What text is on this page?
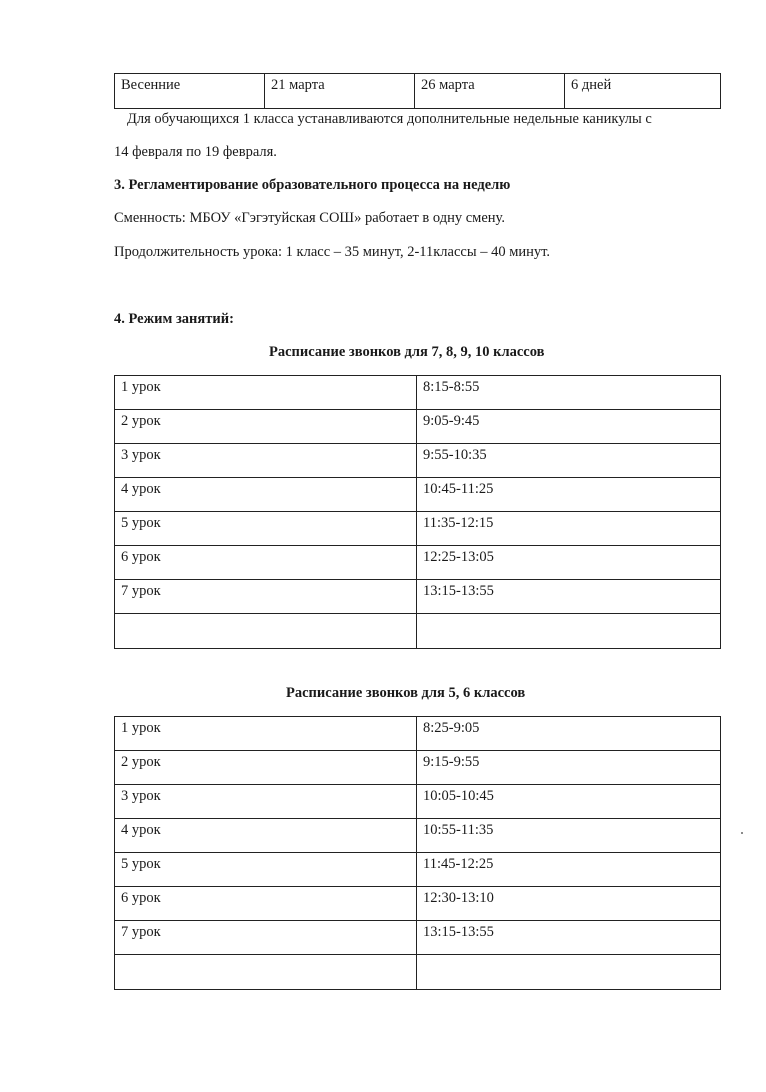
Весенние	21 марта	26 марта	6 дней
Для обучающихся 1 класса устанавливаются дополнительные недельные каникулы с
14 февраля по 19 февраля.
3. Регламентирование образовательного процесса на неделю
Сменность: МБОУ «Гэгэтуйская СОШ» работает в одну смену.
Продолжительность урока: 1 класс – 35 минут, 2-11классы – 40 минут.
4. Режим занятий:
Расписание звонков для 7, 8, 9, 10 классов
1 урок	8:15-8:55
2 урок	9:05-9:45
3 урок	9:55-10:35
4 урок	10:45-11:25
5 урок	11:35-12:15
6 урок	12:25-13:05
7 урок	13:15-13:55

Расписание звонков для 5, 6 классов
1 урок	8:25-9:05
2 урок	9:15-9:55
3 урок	10:05-10:45
4 урок	10:55-11:35
5 урок	11:45-12:25
6 урок	12:30-13:10
7 урок	13:15-13:55
